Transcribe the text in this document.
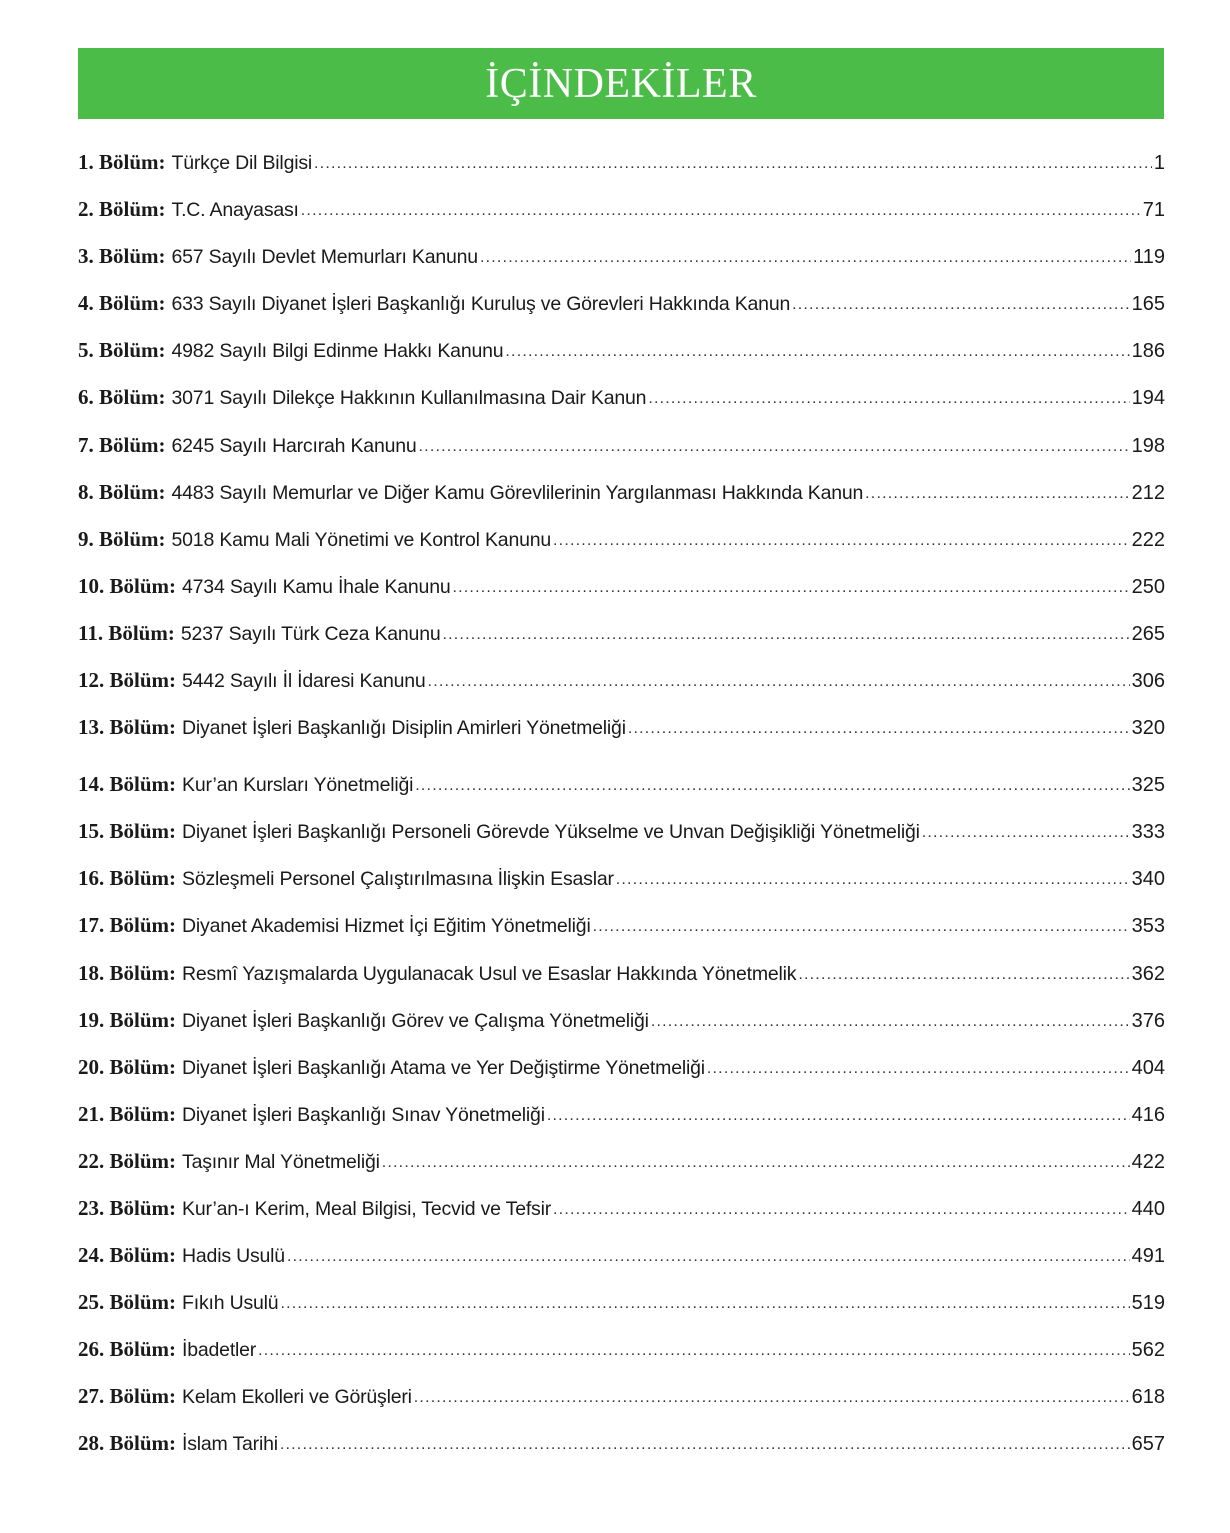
İÇİNDEKİLER
1. Bölüm: Türkçe Dil Bilgisi .....	1
2. Bölüm: T.C. Anayasası .....	71
3. Bölüm: 657 Sayılı Devlet Memurları Kanunu .....	119
4. Bölüm: 633 Sayılı Diyanet İşleri Başkanlığı Kuruluş ve Görevleri Hakkında Kanun .....	165
5. Bölüm: 4982 Sayılı Bilgi Edinme Hakkı Kanunu .....	186
6. Bölüm: 3071 Sayılı Dilekçe Hakkının Kullanılmasına Dair Kanun .....	194
7. Bölüm: 6245 Sayılı Harcırah Kanunu .....	198
8. Bölüm: 4483 Sayılı Memurlar ve Diğer Kamu Görevlilerinin Yargılanması Hakkında Kanun .....	212
9. Bölüm: 5018 Kamu Mali Yönetimi ve Kontrol Kanunu .....	222
10. Bölüm: 4734 Sayılı Kamu İhale Kanunu .....	250
11. Bölüm: 5237 Sayılı Türk Ceza Kanunu .....	265
12. Bölüm: 5442 Sayılı İl İdaresi Kanunu .....	306
13. Bölüm: Diyanet İşleri Başkanlığı Disiplin Amirleri Yönetmeliği .....	320
14. Bölüm: Kur’an Kursları Yönetmeliği .....	325
15. Bölüm: Diyanet İşleri Başkanlığı Personeli Görevde Yükselme ve Unvan Değişikliği Yönetmeliği .....	333
16. Bölüm: Sözleşmeli Personel Çalıştırılmasına İlişkin Esaslar .....	340
17. Bölüm: Diyanet Akademisi Hizmet İçi Eğitim Yönetmeliği .....	353
18. Bölüm: Resmî Yazışmalarda Uygulanacak Usul ve Esaslar Hakkında Yönetmelik .....	362
19. Bölüm: Diyanet İşleri Başkanlığı Görev ve Çalışma Yönetmeliği .....	376
20. Bölüm: Diyanet İşleri Başkanlığı Atama ve Yer Değiştirme Yönetmeliği .....	404
21. Bölüm: Diyanet İşleri Başkanlığı Sınav Yönetmeliği .....	416
22. Bölüm: Taşınır Mal Yönetmeliği .....	422
23. Bölüm: Kur’an-ı Kerim, Meal Bilgisi, Tecvid ve Tefsir .....	440
24. Bölüm: Hadis Usulü .....	491
25. Bölüm: Fıkıh Usulü .....	519
26. Bölüm: İbadetler .....	562
27. Bölüm: Kelam Ekolleri ve Görüşleri .....	618
28. Bölüm: İslam Tarihi .....	657
